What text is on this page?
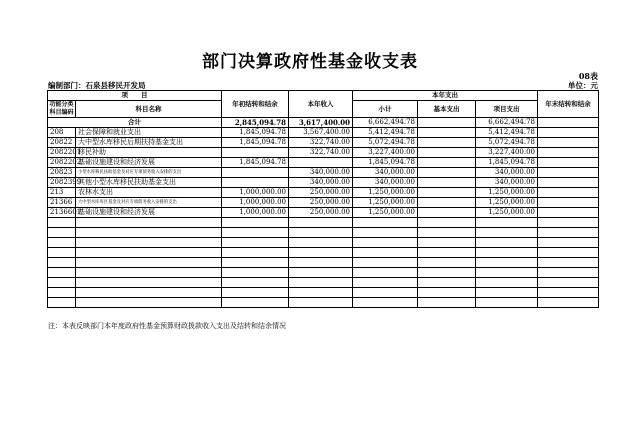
部门决算政府性基金收支表
08表
编制部门：石泉县移民开发局	单位：元
项　　目		年初结转和结余	本年收入	本年支出			年末结转和结余
功能分类科目编码	科目名称			小计	基本支出	项目支出	

合计		2,845,094.78	3,617,400.00	6,662,494.78		6,662,494.78	
208	社会保障和就业支出	1,845,094.78	3,567,400.00	5,412,494.78		5,412,494.78	
20822	大中型水库移民后期扶持基金支出	1,845,094.78	322,740.00	5,072,494.78		5,072,494.78	
2082201	移民补助		322,740.00	3,227,400.00		3,227,400.00	
2082202	基础设施建设和经济发展	1,845,094.78		1,845,094.78		1,845,094.78	
20823	小型水库移民扶助基金及对应专项债务收入安排的支出		340,000.00	340,000.00		340,000.00	
2082399	其他小型水库移民扶助基金支出		340,000.00	340,000.00		340,000.00	
213	农林水支出	1,000,000.00	250,000.00	1,250,000.00		1,250,000.00	
21366	大中型水库库区基金及对应专项债务收入安排的支出	1,000,000.00	250,000.00	1,250,000.00		1,250,000.00	
2136601	基础设施建设和经济发展	1,000,000.00	250,000.00	1,250,000.00		1,250,000.00	

注：本表反映部门本年度政府性基金预算财政拨款收入支出及结转和结余情况
